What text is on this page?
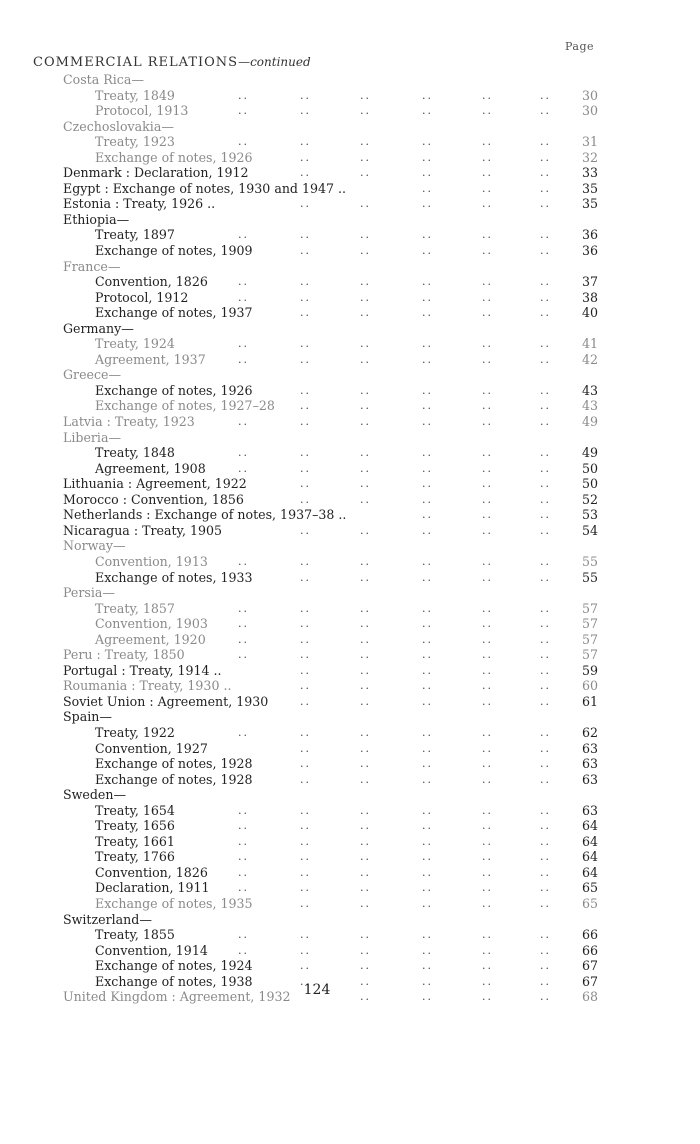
Page
COMMERCIAL RELATIONS—continued
Costa Rica—
Treaty, 1849	..	..	..	..	..	.. 30
Protocol, 1913	..	..	..	..	..	.. 30
Czechoslovakia—
Treaty, 1923	..	..	..	..	..	.. 31
Exchange of notes, 1926	..	..	..	..	.. 32
Denmark : Declaration, 1912	..	..	..	..	.. 33
Egypt : Exchange of notes, 1930 and 1947 ..	..	..	.. 35
Estonia : Treaty, 1926 ..	..	..	..	..	.. 35
Ethiopia—
Treaty, 1897	..	..	..	..	..	.. 36
Exchange of notes, 1909	..	..	..	..	.. 36
France—
Convention, 1826	..	..	..	..	..	.. 37
Protocol, 1912	..	..	..	..	..	.. 38
Exchange of notes, 1937	..	..	..	..	.. 40
Germany—
Treaty, 1924	..	..	..	..	..	.. 41
Agreement, 1937	..	..	..	..	..	.. 42
Greece—
Exchange of notes, 1926	..	..	..	..	.. 43
Exchange of notes, 1927–28 ..	..	..	..	.. 43
Latvia : Treaty, 1923	..	..	..	..	..	.. 49
Liberia—
Treaty, 1848	..	..	..	..	..	.. 49
Agreement, 1908	..	..	..	..	..	.. 50
Lithuania : Agreement, 1922	..	..	..	..	.. 50
Morocco : Convention, 1856	..	..	..	..	.. 52
Netherlands : Exchange of notes, 1937–38 ..	..	..	.. 53
Nicaragua : Treaty, 1905	..	..	..	..	.. 54
Norway—
Convention, 1913	..	..	..	..	..	.. 55
Exchange of notes, 1933	..	..	..	..	.. 55
Persia—
Treaty, 1857	..	..	..	..	..	.. 57
Convention, 1903	..	..	..	..	..	.. 57
Agreement, 1920	..	..	..	..	..	.. 57
Peru : Treaty, 1850	..	..	..	..	..	.. 57
Portugal : Treaty, 1914 ..	..	..	..	..	.. 59
Roumania : Treaty, 1930 ..	..	..	..	..	.. 60
Soviet Union : Agreement, 1930	..	..	..	..	.. 61
Spain—
Treaty, 1922	..	..	..	..	..	.. 62
Convention, 1927	..	..	..	..	.. 63
Exchange of notes, 1928	..	..	..	..	.. 63
Exchange of notes, 1928	..	..	..	..	.. 63
Sweden—
Treaty, 1654	..	..	..	..	..	.. 63
Treaty, 1656	..	..	..	..	..	.. 64
Treaty, 1661	..	..	..	..	..	.. 64
Treaty, 1766	..	..	..	..	..	.. 64
Convention, 1826	..	..	..	..	..	.. 64
Declaration, 1911	..	..	..	..	..	.. 65
Exchange of notes, 1935	..	..	..	..	.. 65
Switzerland—
Treaty, 1855	..	..	..	..	..	.. 66
Convention, 1914	..	..	..	..	..	.. 66
Exchange of notes, 1924	..	..	..	..	.. 67
Exchange of notes, 1938	..	..	..	..	.. 67
United Kingdom : Agreement, 1932	..	..	..	.. 68
124
